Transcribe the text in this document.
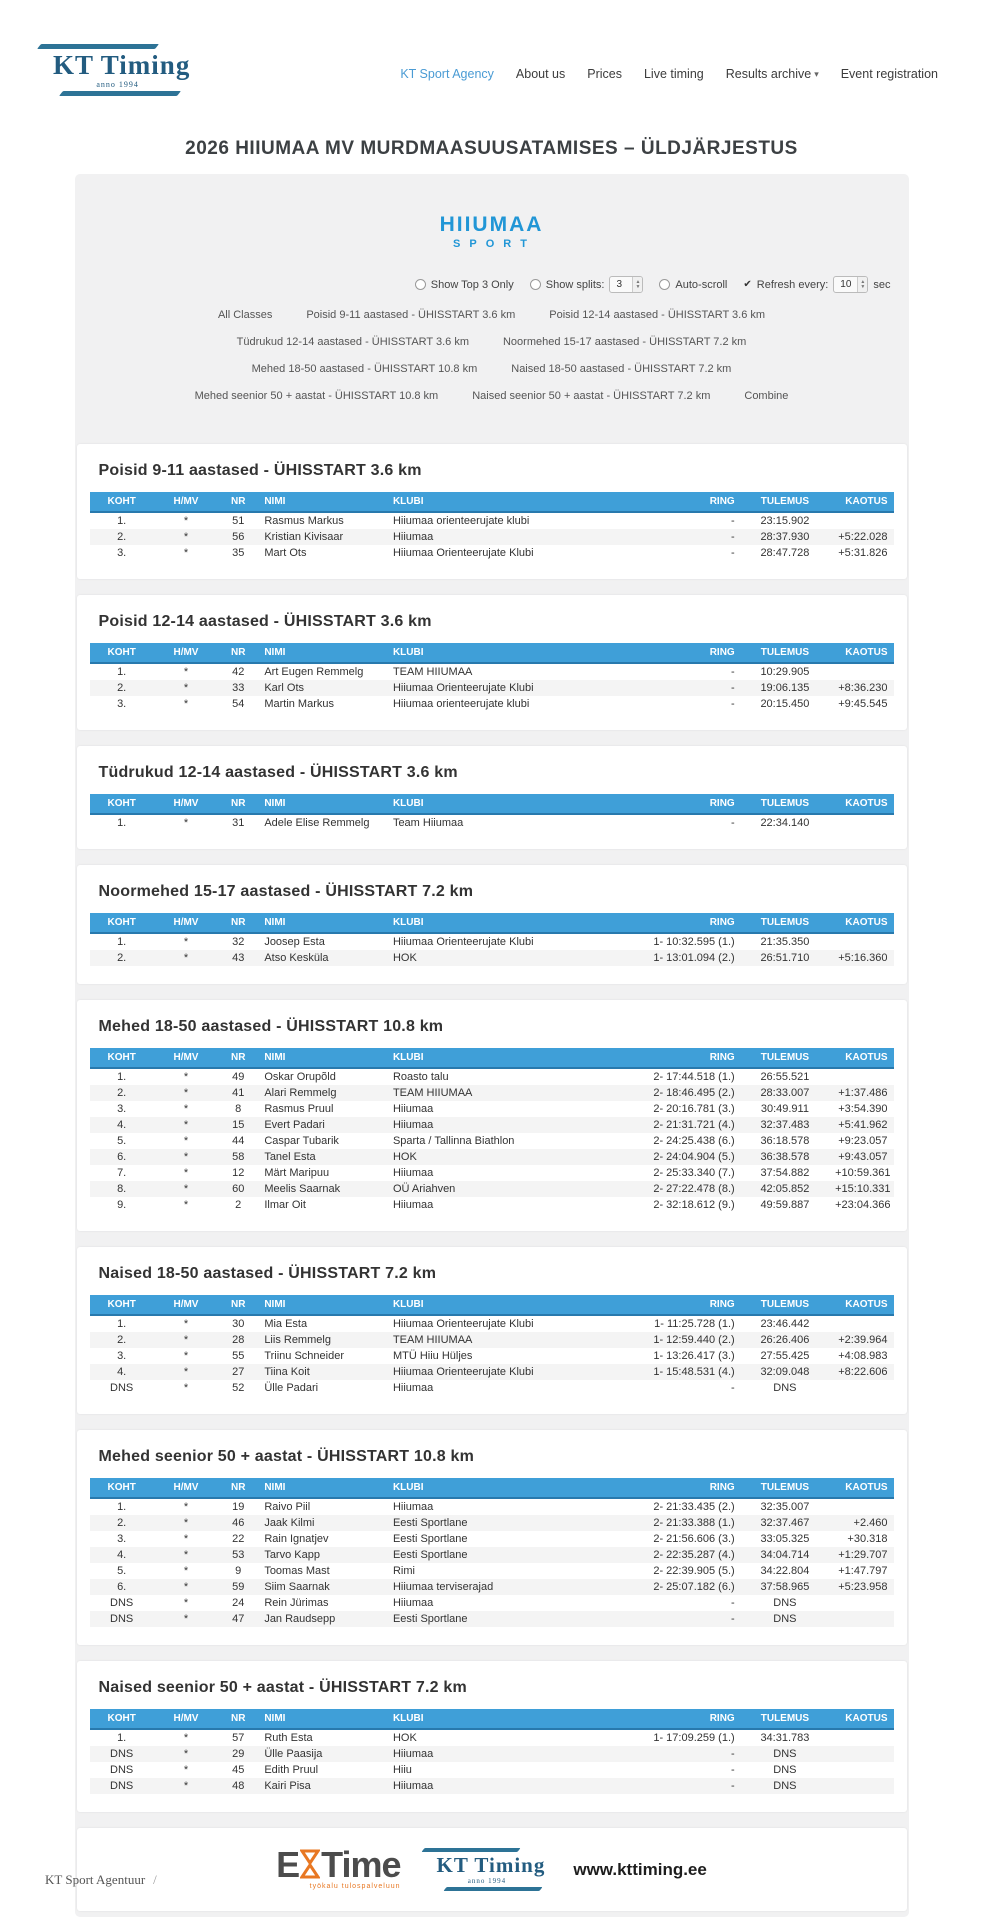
KT Timing
anno 1994
KT Sport Agency About us Prices Live timing Results archive ▾ Event registration
2026 HIIUMAA MV MURDMAASUUSATAMISES – ÜLDJÄRJESTUS
HIIUMAA
SPORT
Show Top 3 Only	Show splits:	3	▲
▼	Auto-scroll ✔ Refresh every:	10	▲
▼ sec
All Classes	Poisid 9-11 aastased - ÜHISSTART 3.6 km	Poisid 12-14 aastased - ÜHISSTART 3.6 km
Tüdrukud 12-14 aastased - ÜHISSTART 3.6 km	Noormehed 15-17 aastased - ÜHISSTART 7.2 km
Mehed 18-50 aastased - ÜHISSTART 10.8 km	Naised 18-50 aastased - ÜHISSTART 7.2 km
Mehed seenior 50 + aastat - ÜHISSTART 10.8 km	Naised seenior 50 + aastat - ÜHISSTART 7.2 km	Combine
Poisid 9-11 aastased - ÜHISSTART 3.6 km
KOHT	H/MV	NR	NIMI	KLUBI	RING	TULEMUS	KAOTUS
1.	*	51	Rasmus Markus	Hiiumaa orienteerujate klubi	-	23:15.902	
2.	*	56	Kristian Kivisaar	Hiiumaa	-	28:37.930	+5:22.028
3.	*	35	Mart Ots	Hiiumaa Orienteerujate Klubi	-	28:47.728	+5:31.826
Poisid 12-14 aastased - ÜHISSTART 3.6 km
KOHT	H/MV	NR	NIMI	KLUBI	RING	TULEMUS	KAOTUS
1.	*	42	Art Eugen Remmelg	TEAM HIIUMAA	-	10:29.905	
2.	*	33	Karl Ots	Hiiumaa Orienteerujate Klubi	-	19:06.135	+8:36.230
3.	*	54	Martin Markus	Hiiumaa orienteerujate klubi	-	20:15.450	+9:45.545
Tüdrukud 12-14 aastased - ÜHISSTART 3.6 km
KOHT	H/MV	NR	NIMI	KLUBI	RING	TULEMUS	KAOTUS
1.	*	31	Adele Elise Remmelg	Team Hiiumaa	-	22:34.140	
Noormehed 15-17 aastased - ÜHISSTART 7.2 km
KOHT	H/MV	NR	NIMI	KLUBI	RING	TULEMUS	KAOTUS
1.	*	32	Joosep Esta	Hiiumaa Orienteerujate Klubi	1- 10:32.595 (1.)	21:35.350	
2.	*	43	Atso Kesküla	HOK	1- 13:01.094 (2.)	26:51.710	+5:16.360
Mehed 18-50 aastased - ÜHISSTART 10.8 km
KOHT	H/MV	NR	NIMI	KLUBI	RING	TULEMUS	KAOTUS
1.	*	49	Oskar Orupõld	Roasto talu	2- 17:44.518 (1.)	26:55.521	
2.	*	41	Alari Remmelg	TEAM HIIUMAA	2- 18:46.495 (2.)	28:33.007	+1:37.486
3.	*	8	Rasmus Pruul	Hiiumaa	2- 20:16.781 (3.)	30:49.911	+3:54.390
4.	*	15	Evert Padari	Hiiumaa	2- 21:31.721 (4.)	32:37.483	+5:41.962
5.	*	44	Caspar Tubarik	Sparta / Tallinna Biathlon	2- 24:25.438 (6.)	36:18.578	+9:23.057
6.	*	58	Tanel Esta	HOK	2- 24:04.904 (5.)	36:38.578	+9:43.057
7.	*	12	Märt Maripuu	Hiiumaa	2- 25:33.340 (7.)	37:54.882	+10:59.361
8.	*	60	Meelis Saarnak	OÜ Ariahven	2- 27:22.478 (8.)	42:05.852	+15:10.331
9.	*	2	Ilmar Oit	Hiiumaa	2- 32:18.612 (9.)	49:59.887	+23:04.366
Naised 18-50 aastased - ÜHISSTART 7.2 km
KOHT	H/MV	NR	NIMI	KLUBI	RING	TULEMUS	KAOTUS
1.	*	30	Mia Esta	Hiiumaa Orienteerujate Klubi	1- 11:25.728 (1.)	23:46.442	
2.	*	28	Liis Remmelg	TEAM HIIUMAA	1- 12:59.440 (2.)	26:26.406	+2:39.964
3.	*	55	Triinu Schneider	MTÜ Hiiu Hüljes	1- 13:26.417 (3.)	27:55.425	+4:08.983
4.	*	27	Tiina Koit	Hiiumaa Orienteerujate Klubi	1- 15:48.531 (4.)	32:09.048	+8:22.606
DNS	*	52	Ülle Padari	Hiiumaa	-	DNS	
Mehed seenior 50 + aastat - ÜHISSTART 10.8 km
KOHT	H/MV	NR	NIMI	KLUBI	RING	TULEMUS	KAOTUS
1.	*	19	Raivo Piil	Hiiumaa	2- 21:33.435 (2.)	32:35.007	
2.	*	46	Jaak Kilmi	Eesti Sportlane	2- 21:33.388 (1.)	32:37.467	+2.460
3.	*	22	Rain Ignatjev	Eesti Sportlane	2- 21:56.606 (3.)	33:05.325	+30.318
4.	*	53	Tarvo Kapp	Eesti Sportlane	2- 22:35.287 (4.)	34:04.714	+1:29.707
5.	*	9	Toomas Mast	Rimi	2- 22:39.905 (5.)	34:22.804	+1:47.797
6.	*	59	Siim Saarnak	Hiiumaa terviserajad	2- 25:07.182 (6.)	37:58.965	+5:23.958
DNS	*	24	Rein Jürimas	Hiiumaa	-	DNS	
DNS	*	47	Jan Raudsepp	Eesti Sportlane	-	DNS	
Naised seenior 50 + aastat - ÜHISSTART 7.2 km
KOHT	H/MV	NR	NIMI	KLUBI	RING	TULEMUS	KAOTUS
1.	*	57	Ruth Esta	HOK	1- 17:09.259 (1.)	34:31.783	
DNS	*	29	Ülle Paasija	Hiiumaa	-	DNS	
DNS	*	45	Edith Pruul	Hiiu	-	DNS	
DNS	*	48	Kairi Pisa	Hiiumaa	-	DNS	
E Time
työkalu tulospalveluun
KT Timing
anno 1994
www.kttiming.ee
KT Sport Agentuur /
